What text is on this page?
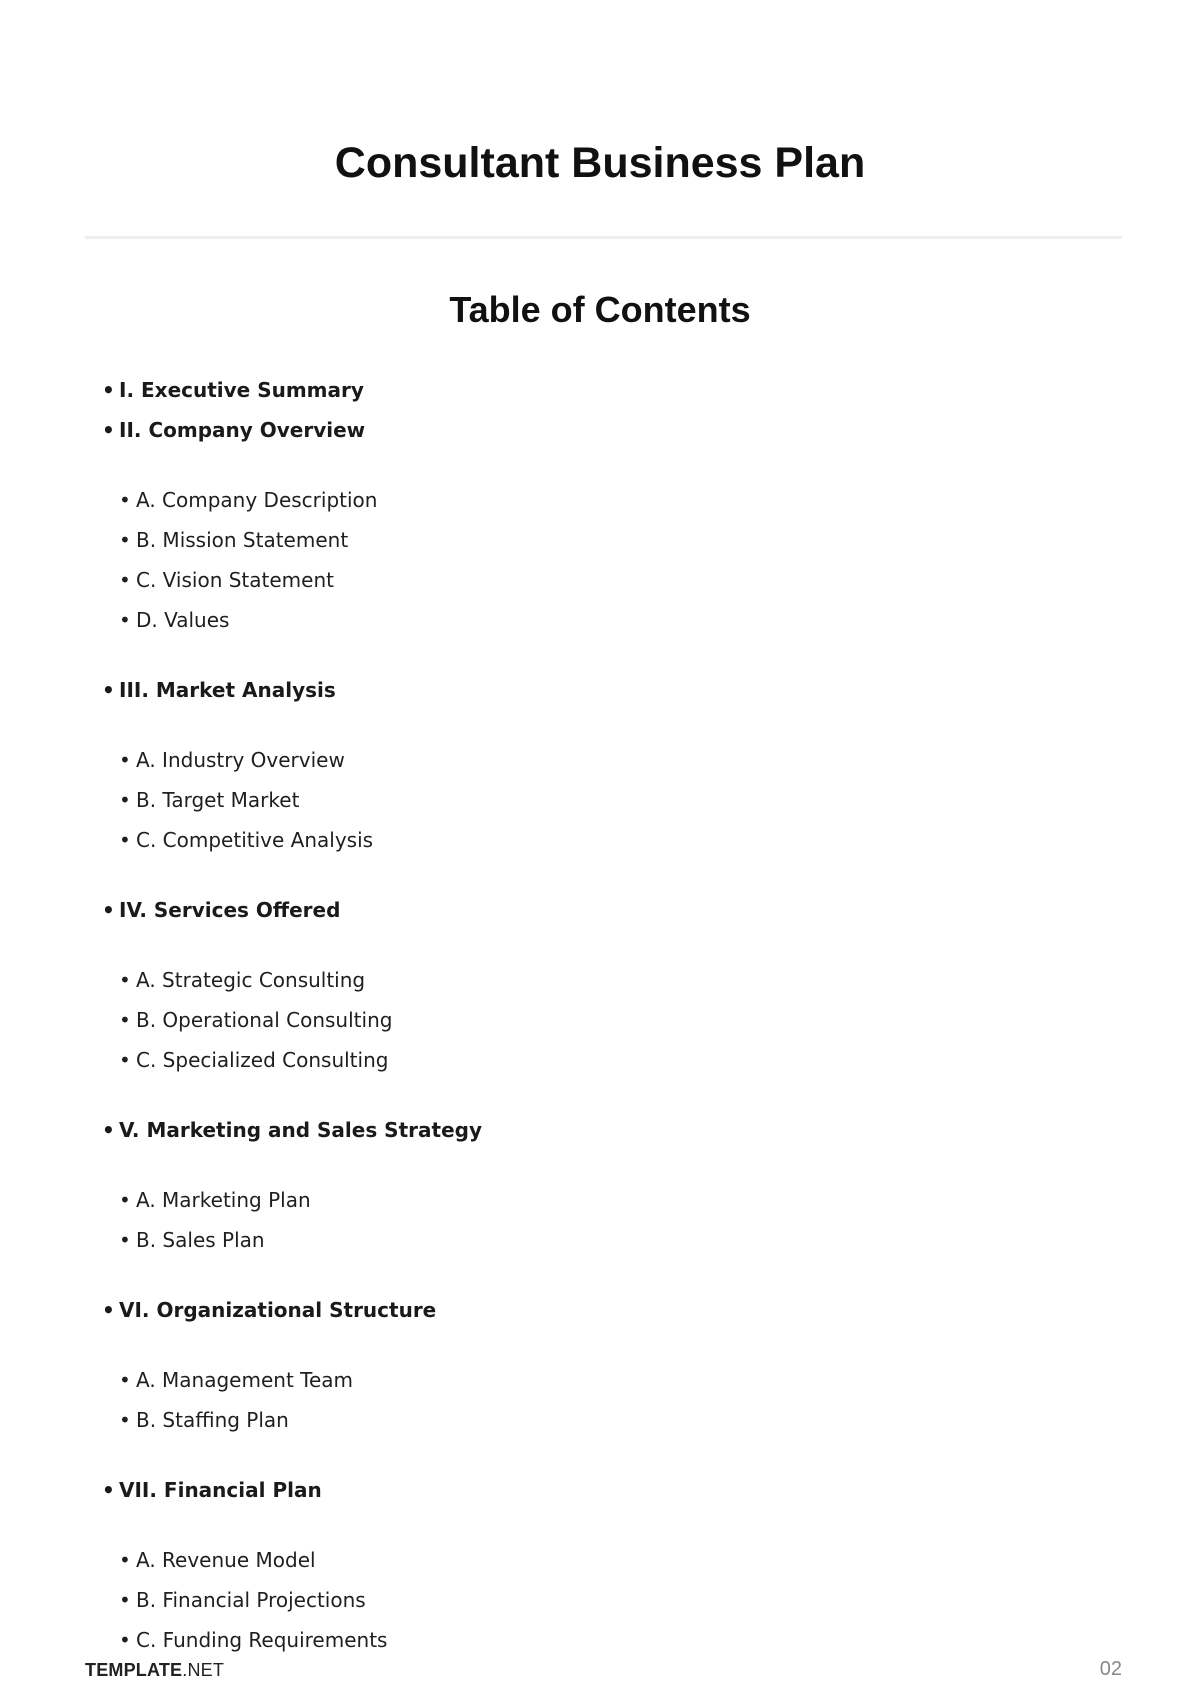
Consultant Business Plan
Table of Contents
• I. Executive Summary
• II. Company Overview
• A. Company Description
• B. Mission Statement
• C. Vision Statement
• D. Values
• III. Market Analysis
• A. Industry Overview
• B. Target Market
• C. Competitive Analysis
• IV. Services Offered
• A. Strategic Consulting
• B. Operational Consulting
• C. Specialized Consulting
• V. Marketing and Sales Strategy
• A. Marketing Plan
• B. Sales Plan
• VI. Organizational Structure
• A. Management Team
• B. Staffing Plan
• VII. Financial Plan
• A. Revenue Model
• B. Financial Projections
• C. Funding Requirements
TEMPLATE.NET	02
